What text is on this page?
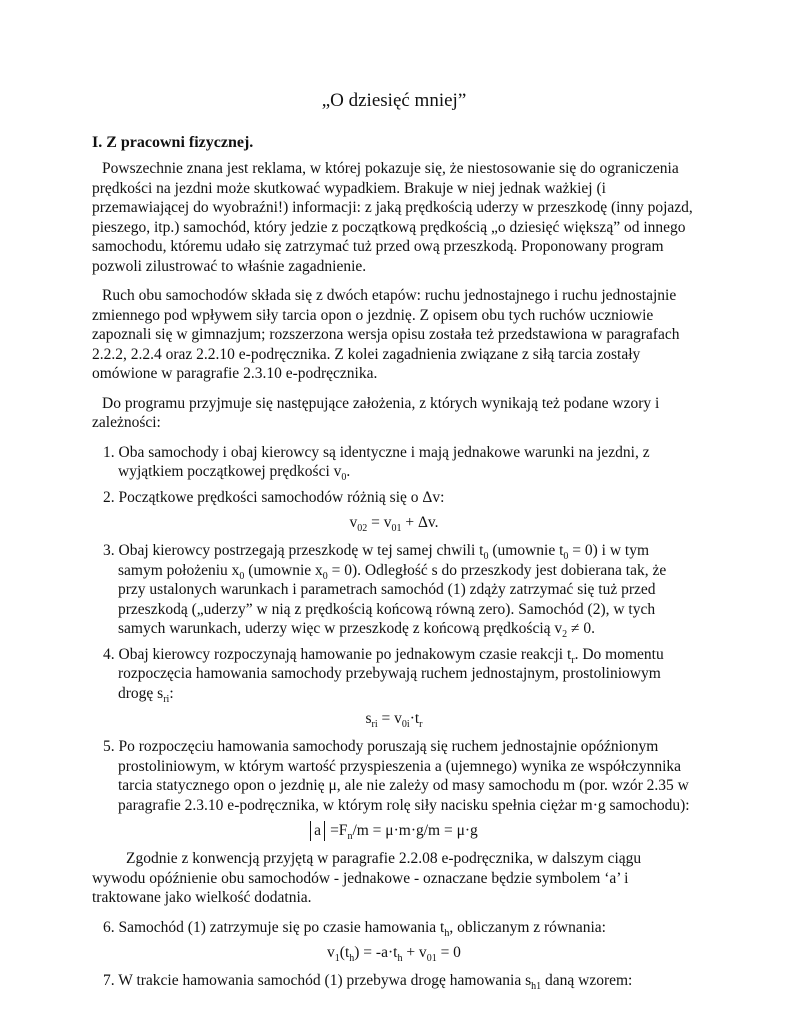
„O dziesięć mniej”
I. Z pracowni fizycznej.

Powszechnie znana jest reklama, w której pokazuje się, że niestosowanie się do ograniczenia prędkości na jezdni może skutkować wypadkiem. Brakuje w niej jednak ważkiej (i przemawiającej do wyobraźni!) informacji: z jaką prędkością uderzy w przeszkodę (inny pojazd, pieszego, itp.) samochód, który jedzie z początkową prędkością „o dziesięć większą” od innego samochodu, któremu udało się zatrzymać tuż przed ową przeszkodą. Proponowany program pozwoli zilustrować to właśnie zagadnienie.

Ruch obu samochodów składa się z dwóch etapów: ruchu jednostajnego i ruchu jednostajnie zmiennego pod wpływem siły tarcia opon o jezdnię. Z opisem obu tych ruchów uczniowie zapoznali się w gimnazjum; rozszerzona wersja opisu została też przedstawiona w paragrafach 2.2.2, 2.2.4 oraz 2.2.10 e-podręcznika. Z kolei zagadnienia związane z siłą tarcia zostały omówione w paragrafie 2.3.10 e-podręcznika.

Do programu przyjmuje się następujące założenia, z których wynikają też podane wzory i zależności:

1. Oba samochody i obaj kierowcy są identyczne i mają jednakowe warunki na jezdni, z wyjątkiem początkowej prędkości $v_0$.
2. Początkowe prędkości samochodów różnią się o Δv:
$v_{02} = v_{01} + \Delta v$.
3. Obaj kierowcy postrzegają przeszkodę w tej samej chwili $t_0$ (umownie $t_0 = 0$) i w tym samym położeniu $x_0$ (umownie $x_0 = 0$). Odległość s do przeszkody jest dobierana tak, że przy ustalonych warunkach i parametrach samochód (1) zdąży zatrzymać się tuż przed przeszkodą („uderzy” w nią z prędkością końcową równą zero). Samochód (2), w tych samych warunkach, uderzy więc w przeszkodę z końcową prędkością $v_2 \ne 0$.
4. Obaj kierowcy rozpoczynają hamowanie po jednakowym czasie reakcji $t_r$. Do momentu rozpoczęcia hamowania samochody przebywają ruchem jednostajnym, prostoliniowym drogę $s_{ri}$:
$s_{ri} = v_{0i}\cdot t_r$
5. Po rozpoczęciu hamowania samochody poruszają się ruchem jednostajnie opóźnionym prostoliniowym, w którym wartość przyspieszenia a (ujemnego) wynika ze współczynnika tarcia statycznego opon o jezdnię μ, ale nie zależy od masy samochodu m (por. wzór 2.35 w paragrafie 2.3.10 e-podręcznika, w którym rolę siły nacisku spełnia ciężar m·g samochodu):
$a =F_n/m = \mu\cdot m\cdot g/m = \mu\cdot g$

Zgodnie z konwencją przyjętą w paragrafie 2.2.08 e-podręcznika, w dalszym ciągu wywodu opóźnienie obu samochodów - jednakowe - oznaczane będzie symbolem ‘a’ i traktowane jako wielkość dodatnia.

6. Samochód (1) zatrzymuje się po czasie hamowania $t_h$, obliczanym z równania:
$v_1(t_h) = -a\cdot t_h + v_{01} = 0$
7. W trakcie hamowania samochód (1) przebywa drogę hamowania $s_{h1}$ daną wzorem:
